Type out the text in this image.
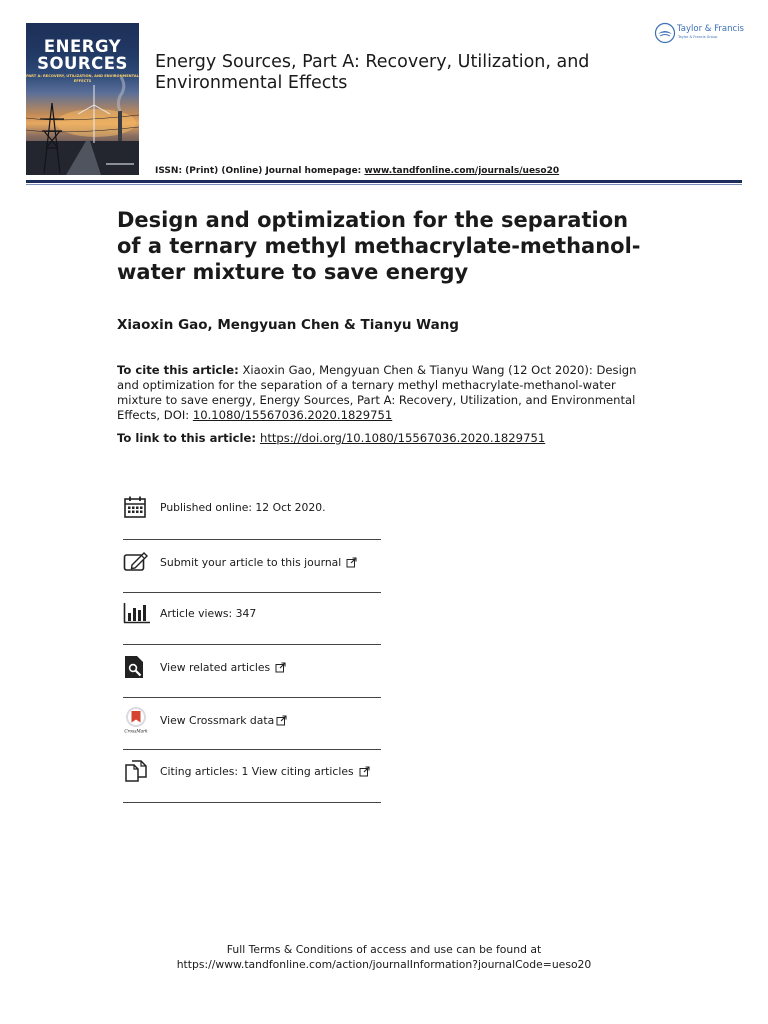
ENERGY
SOURCES
PART A: RECOVERY, UTILIZATION, AND ENVIRONMENTAL EFFECTS
Energy Sources, Part A: Recovery, Utilization, and Environmental Effects
ISSN: (Print) (Online) Journal homepage: www.tandfonline.com/journals/ueso20
Taylor & Francis
Taylor & Francis Group
Design and optimization for the separation of a ternary methyl methacrylate-methanol-water mixture to save energy
Xiaoxin Gao, Mengyuan Chen & Tianyu Wang
To cite this article: Xiaoxin Gao, Mengyuan Chen & Tianyu Wang (12 Oct 2020): Design and optimization for the separation of a ternary methyl methacrylate-methanol-water mixture to save energy, Energy Sources, Part A: Recovery, Utilization, and Environmental Effects, DOI: 10.1080/15567036.2020.1829751
To link to this article: https://doi.org/10.1080/15567036.2020.1829751
Published online: 12 Oct 2020.
Submit your article to this journal
Article views: 347
View related articles
CrossMark
View Crossmark data
Citing articles: 1 View citing articles
Full Terms & Conditions of access and use can be found at
https://www.tandfonline.com/action/journalInformation?journalCode=ueso20
